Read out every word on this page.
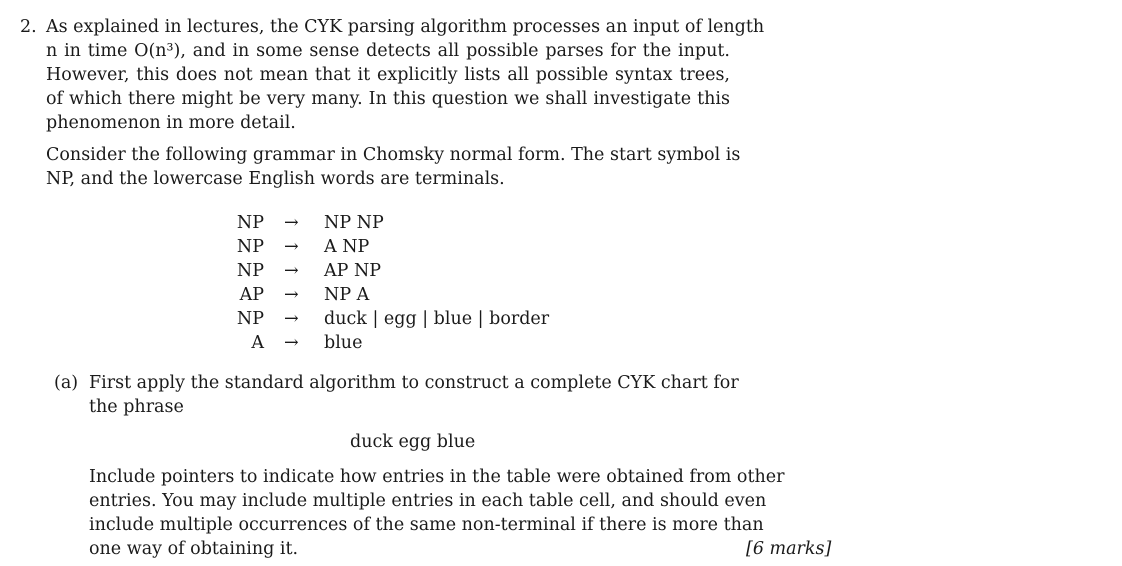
2. As explained in lectures, the CYK parsing algorithm processes an input of length
n in time O(n³), and in some sense detects all possible parses for the input.
However, this does not mean that it explicitly lists all possible syntax trees,
of which there might be very many. In this question we shall investigate this
phenomenon in more detail.
Consider the following grammar in Chomsky normal form. The start symbol is
NP, and the lowercase English words are terminals.
NP → NP NP
NP → A NP
NP → AP NP
AP → NP A
NP → duck | egg | blue | border
A → blue
(a) First apply the standard algorithm to construct a complete CYK chart for
the phrase
duck egg blue
Include pointers to indicate how entries in the table were obtained from other
entries. You may include multiple entries in each table cell, and should even
include multiple occurrences of the same non-terminal if there is more than
one way of obtaining it.	[6 marks]
